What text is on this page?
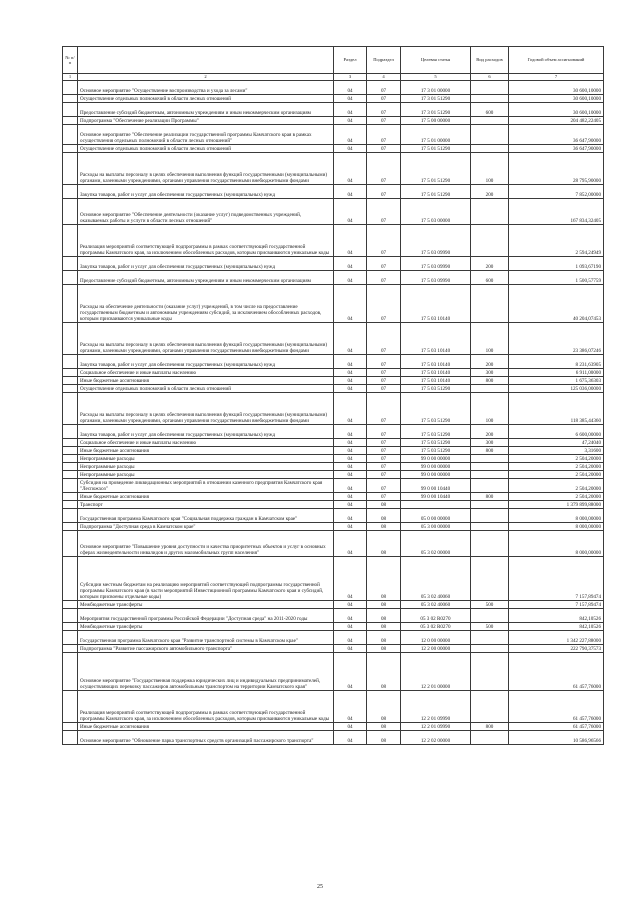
№ п/п		Раздел	Подраздел	Целевая статья	Вид расходов	Годовой объем ассигнований
1	2	3	4	5	6	7
	Основное мероприятие "Осуществление воспроизводства и ухода за лесами"	04	07	17 3 01 00000		30 600,10000
	Осуществление отдельных полномочий в области лесных отношений	04	07	17 3 01 51290		30 600,10000
	Предоставление субсидий бюджетным, автономным учреждениям и иным некоммерческим организациям	04	07	17 3 01 51290	600	30 600,10000
	Подпрограмма "Обеспечение реализации Программы"	04	07	17 5 00 00000		204 482,22405
	Основное мероприятие "Обеспечение реализации государственной программы Камчатского края в рамках осуществления отдельных полномочий в области лесных отношений"	04	07	17 5 01 00000		36 647,90000
	Осуществление отдельных полномочий в области лесных отношений	04	07	17 5 01 51290		36 647,90000
	Расходы на выплаты персоналу в целях обеспечения выполнения функций государственными (муниципальными) органами, казенными учреждениями, органами управления государственными внебюджетными фондами	04	07	17 5 01 51290	100	28 795,90000
	Закупка товаров, работ и услуг для обеспечения государственных (муниципальных) нужд	04	07	17 5 01 51290	200	7 852,00000
	Основное мероприятие "Обеспечение деятельности (оказание услуг) подведомственных учреждений, оказываемых работы и услуги в области лесных отношений"	04	07	17 5 03 00000		167 834,32405
	Реализация мероприятий соответствующей подпрограммы в рамках соответствующей государственной программы Камчатского края, за исключением обособленных расходов, которым присваиваются уникальные коды	04	07	17 5 03 09990		2 594,24949
	Закупка товаров, работ и услуг для обеспечения государственных (муниципальных) нужд	04	07	17 5 03 09990	200	1 093,67190
	Предоставление субсидий бюджетным, автономным учреждениям и иным некоммерческим организациям	04	07	17 5 03 09990	600	1 500,57759
	Расходы на обеспечение деятельности (оказание услуг) учреждений, в том числе на предоставление государственным бюджетным и автономным учреждениям субсидий, за исключением обособленных расходов, которым присваиваются уникальные коды	04	07	17 5 03 10140		40 204,07453
	Расходы на выплаты персоналу в целях обеспечения выполнения функций государственными (муниципальными) органами, казенными учреждениями, органами управления государственными внебюджетными фондами	04	07	17 5 03 10140	100	23 386,07246
	Закупка товаров, работ и услуг для обеспечения государственных (муниципальных) нужд	04	07	17 5 03 10140	200	8 231,63905
	Социальное обеспечение и иные выплаты населению	04	07	17 5 03 10140	300	6 911,00000
	Иные бюджетные ассигнования	04	07	17 5 03 10140	800	1 675,36303
	Осуществление отдельных полномочий в области лесных отношений	04	07	17 5 03 51290		125 036,00000
	Расходы на выплаты персоналу в целях обеспечения выполнения функций государственными (муниципальными) органами, казенными учреждениями, органами управления государственными внебюджетными фондами	04	07	17 5 03 51290	100	118 385,44360
	Закупка товаров, работ и услуг для обеспечения государственных (муниципальных) нужд	04	07	17 5 03 51290	200	6 600,00000
	Социальное обеспечение и иные выплаты населению	04	07	17 5 03 51290	300	47,24040
	Иные бюджетные ассигнования	04	07	17 5 03 51290	800	3,31600
	Непрограммные расходы	04	07	99 0 00 00000		2 504,20000
	Непрограммные расходы	04	07	99 0 00 00000		2 504,20000
	Непрограммные расходы	04	07	99 0 00 00000		2 504,20000
	Субсидия на проведение ликвидационных мероприятий в отношении казенного предприятия Камчатского края "Леспожхоз"	04	07	99 0 00 10440		2 504,20000
	Иные бюджетные ассигнования	04	07	99 0 00 10440	800	2 504,20000
	Транспорт	04	08			1 379 899,88000
	Государственная программа Камчатского края "Социальная поддержка граждан в Камчатском крае"	04	08	05 0 00 00000		8 000,00000
	Подпрограмма "Доступная среда в Камчатском крае"	04	08	05 3 00 00000		8 000,00000
	Основное мероприятие "Повышение уровня доступности и качества приоритетных объектов и услуг в основных сферах жизнедеятельности инвалидов и других маломобильных групп населения"	04	08	05 3 02 00000		8 000,00000
	Субсидии местным бюджетам на реализацию мероприятий соответствующей подпрограммы государственной программы Камчатского края (в части мероприятий Инвестиционной программы Камчатского края и субсидий, которым присвоены отдельные коды)	04	08	05 3 02 40060		7 157,89474
	Межбюджетные трансферты	04	08	05 3 02 40060	500	7 157,89474
	Мероприятия государственной программы Российской Федерации "Доступная среда" на 2011-2020 годы	04	08	05 3 02 R0270		842,10526
	Межбюджетные трансферты	04	08	05 3 02 R0270	500	842,10526
	Государственная программа Камчатского края "Развитие транспортной системы в Камчатском крае"	04	08	12 0 00 00000		1 342 227,88000
	Подпрограмма "Развитие пассажирского автомобильного транспорта"	04	08	12 2 00 00000		222 790,37573
	Основное мероприятие "Государственная поддержка юридических лиц и индивидуальных предпринимателей, осуществляющих перевозку пассажиров автомобильным транспортом на территории Камчатского края"	04	08	12 2 01 00000		61 457,76000
	Реализация мероприятий соответствующей подпрограммы в рамках соответствующей государственной программы Камчатского края, за исключением обособленных расходов, которым присваиваются уникальные коды	04	08	12 2 01 09990		61 457,76000
	Иные бюджетные ассигнования	04	08	12 2 01 09990	800	61 457,76000
	Основное мероприятие "Обновление парка транспортных средств организаций пассажирского транспорта"	04	08	12 2 02 00000		10 586,96566
25
